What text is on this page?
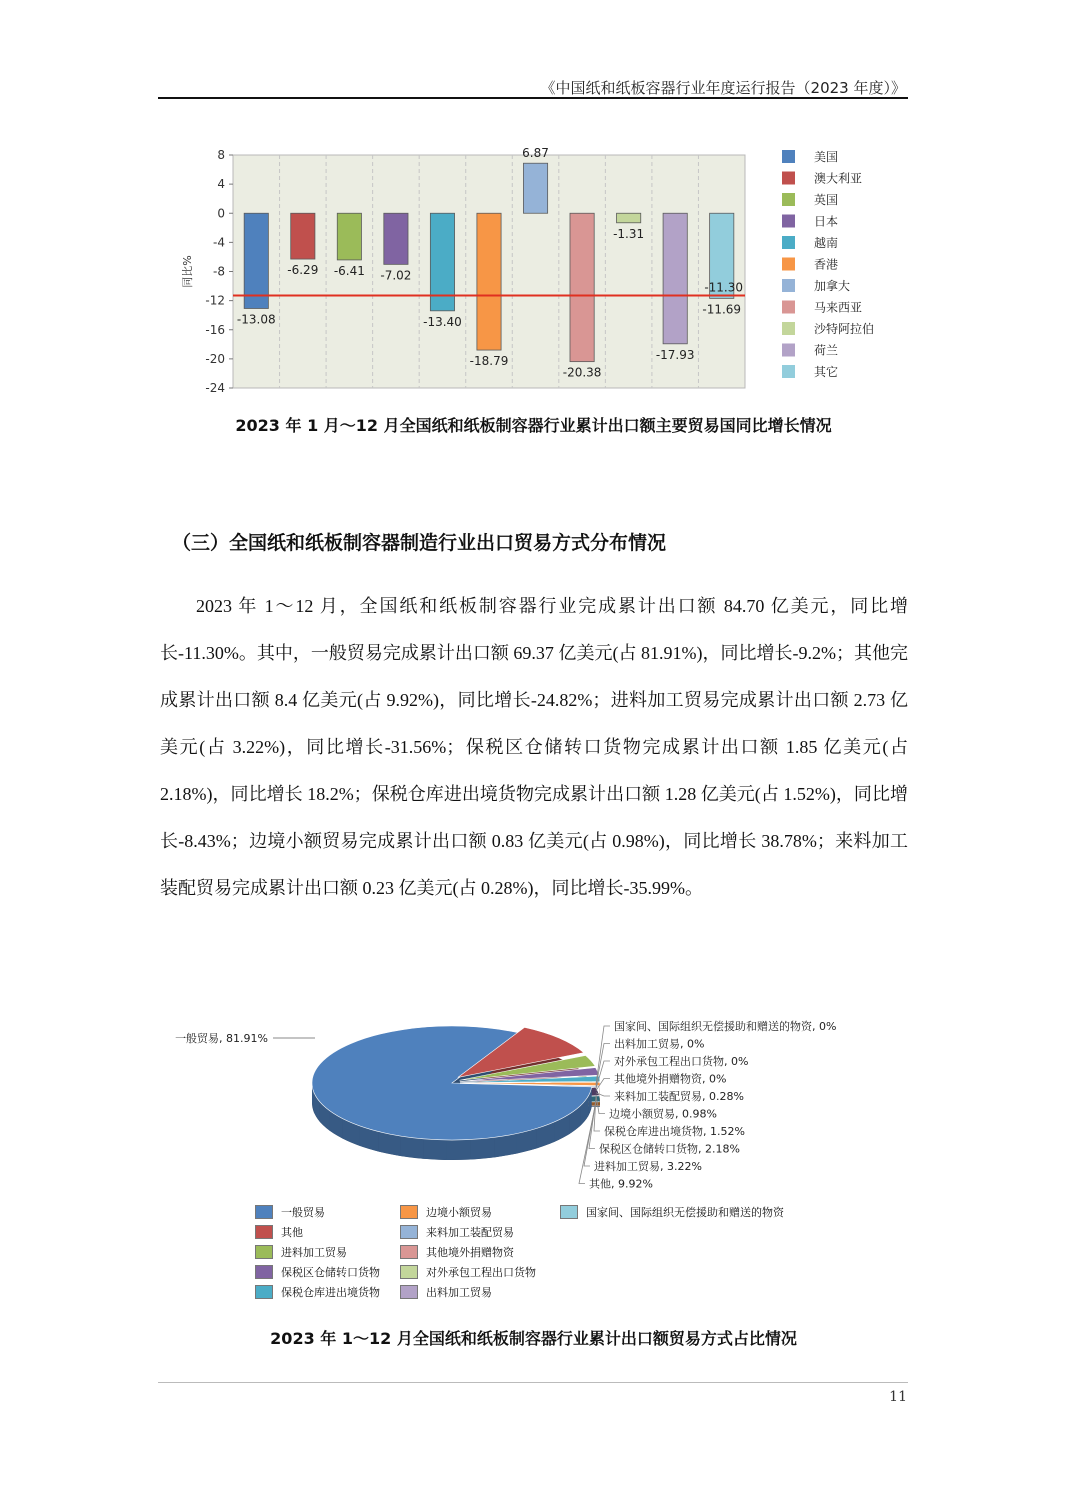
《中国纸和纸板容器行业年度运行报告（2023 年度）》
8
4
0
-4
-8
-12
-16
-20
-24
同比%
-13.08
-6.29 -6.41 -7.02
-13.40
-18.79
6.87
-20.38
-1.31
-17.93
-11.69
-11.30
美国
澳大利亚
英国
日本
越南
香港
加拿大
马来西亚
沙特阿拉伯
荷兰
其它
2023 年 1 月～12 月全国纸和纸板制容器行业累计出口额主要贸易国同比增长情况
（三）全国纸和纸板制容器制造行业出口贸易方式分布情况

2023 年 1～12 月，全国纸和纸板制容器行业完成累计出口额 84.70 亿美元，同比增长-11.30%。其中，一般贸易完成累计出口额 69.37 亿美元(占 81.91%)，同比增长-9.2%；其他完成累计出口额 8.4 亿美元(占 9.92%)，同比增长-24.82%；进料加工贸易完成累计出口额 2.73 亿美元(占 3.22%)，同比增长-31.56%；保税区仓储转口货物完成累计出口额 1.85 亿美元(占 2.18%)，同比增长 18.2%；保税仓库进出境货物完成累计出口额 1.28 亿美元(占 1.52%)，同比增长-8.43%；边境小额贸易完成累计出口额 0.83 亿美元(占 0.98%)，同比增长 38.78%；来料加工装配贸易完成累计出口额 0.23 亿美元(占 0.28%)，同比增长-35.99%。

一般贸易, 81.91%
国家间、国际组织无偿援助和赠送的物资, 0%
出料加工贸易, 0%
对外承包工程出口货物, 0%
其他境外捐赠物资, 0%
来料加工装配贸易, 0.28%
边境小额贸易, 0.98%
保税仓库进出境货物, 1.52%
保税区仓储转口货物, 2.18%
进料加工贸易, 3.22%
其他, 9.92%
一般贸易
其他
进料加工贸易
保税区仓储转口货物
保税仓库进出境货物
边境小额贸易
来料加工装配贸易
其他境外捐赠物资
对外承包工程出口货物
出料加工贸易
国家间、国际组织无偿援助和赠送的物资
2023 年 1～12 月全国纸和纸板制容器行业累计出口额贸易方式占比情况
11
